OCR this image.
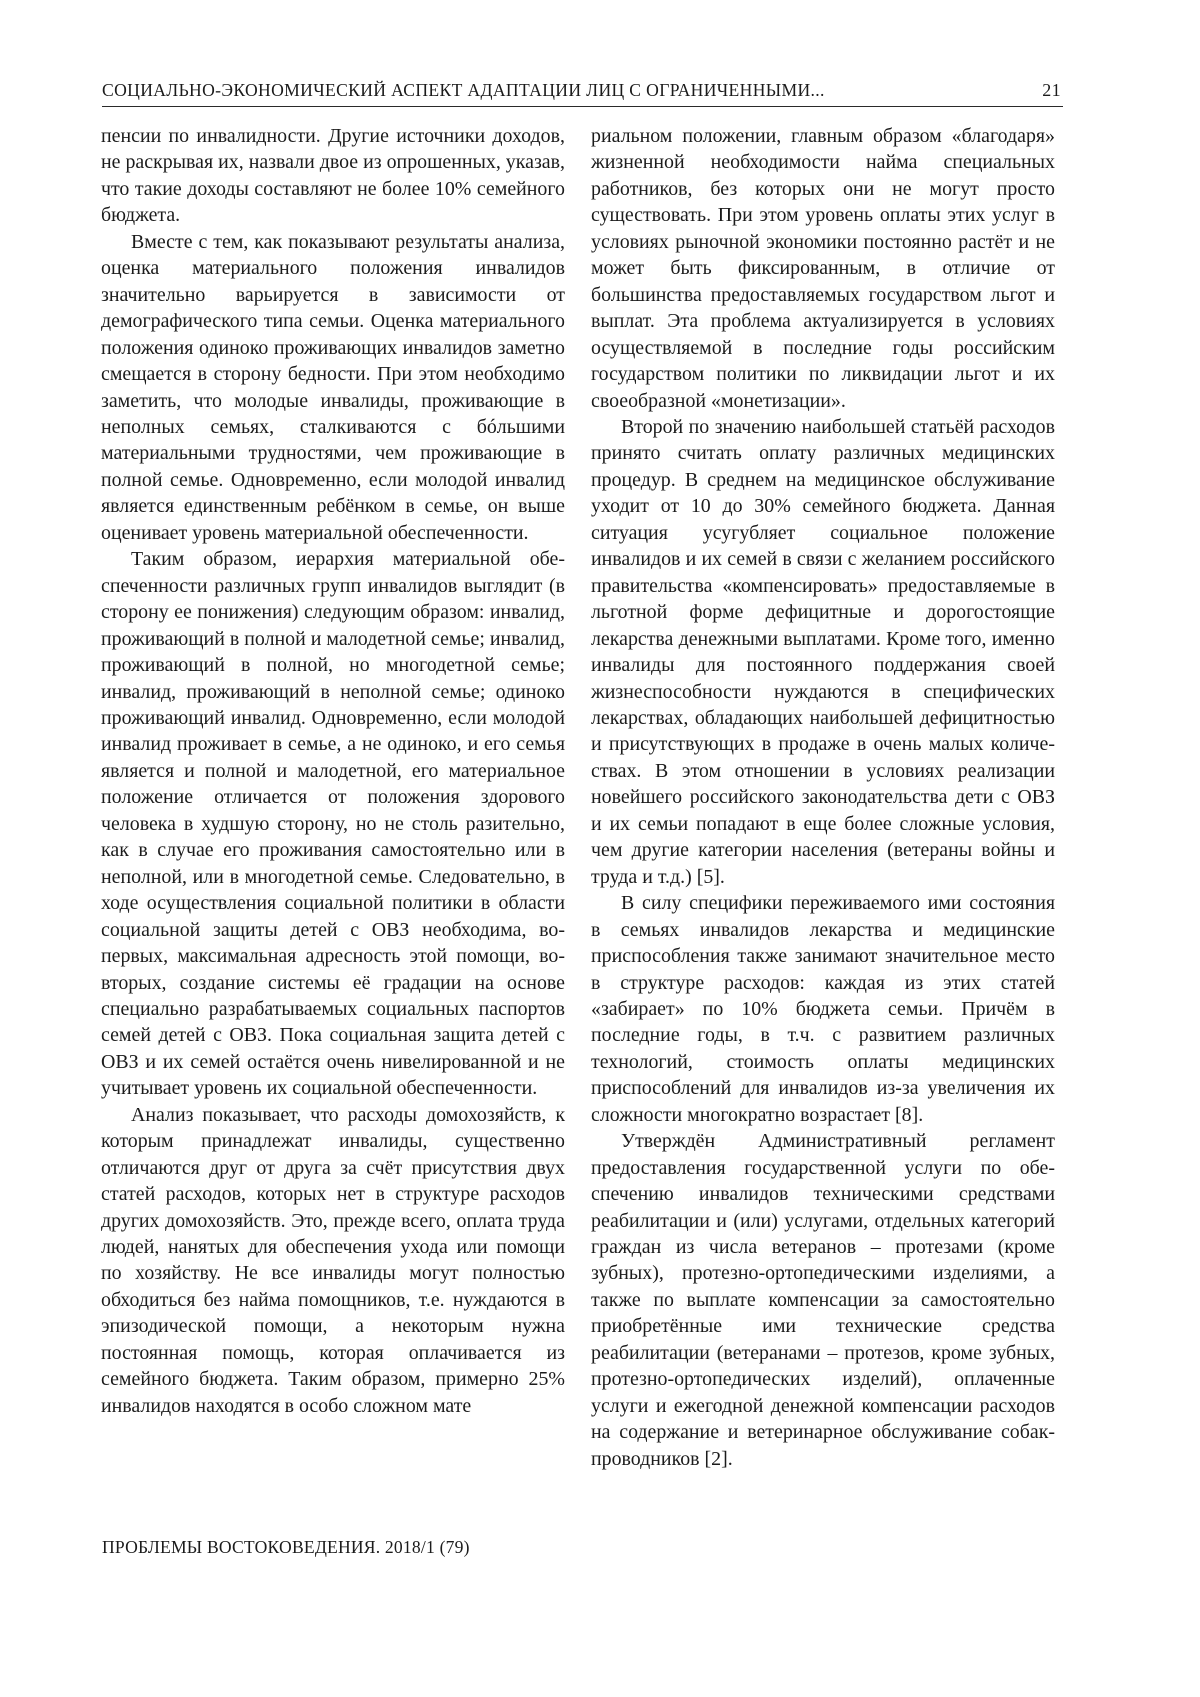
СОЦИАЛЬНО-ЭКОНОМИЧЕСКИЙ АСПЕКТ АДАПТАЦИИ ЛИЦ С ОГРАНИЧЕННЫМИ...	21

пенсии по инвалидности. Другие источники доходов, не раскрывая их, назвали двое из опрошенных, указав, что такие доходы составляют не более 10% семейного бюджета.

Вместе с тем, как показывают результаты анализа, оценка материального положения инвалидов значительно варьируется в зависимости от демографического типа семьи. Оценка материального положения одиноко проживающих инвалидов заметно смещается в сторону бедности. При этом необходимо заметить, что молодые инвалиды, проживающие в неполных семьях, сталкиваются с бóльшими материальными трудностями, чем проживающие в полной семье. Одновременно, если молодой инвалид является единственным ребёнком в семье, он выше оценивает уровень материальной обеспеченности.

Таким образом, иерархия материальной обеспеченности различных групп инвалидов выглядит (в сторону ее понижения) следующим образом: инвалид, проживающий в полной и малодетной семье; инвалид, проживающий в полной, но многодетной семье; инвалид, проживающий в неполной семье; одиноко проживающий инвалид. Одновременно, если молодой инвалид проживает в семье, а не одиноко, и его семья является и полной и малодетной, его материальное положение отличается от положения здорового человека в худшую сторону, но не столь разительно, как в случае его проживания самостоятельно или в неполной, или в многодетной семье. Следовательно, в ходе осуществления социальной политики в области социальной защиты детей с ОВЗ необходима, во-первых, максимальная адресность этой помощи, во-вторых, создание системы её градации на основе специально разрабатываемых социальных паспортов семей детей с ОВЗ. Пока социальная защита детей с ОВЗ и их семей остаётся очень нивелированной и не учитывает уровень их социальной обеспеченности.

Анализ показывает, что расходы домохозяйств, к которым принадлежат инвалиды, существенно отличаются друг от друга за счёт присутствия двух статей расходов, которых нет в структуре расходов других домохозяйств. Это, прежде всего, оплата труда людей, нанятых для обеспечения ухода или помощи по хозяйству. Не все инвалиды могут полностью обходиться без найма помощников, т.е. нуждаются в эпизодической помощи, а некоторым нужна постоянная помощь, которая оплачивается из семейного бюджета. Таким образом, примерно 25% инвалидов находятся в особо сложном мате

риальном положении, главным образом «благодаря» жизненной необходимости найма специальных работников, без которых они не могут просто существовать. При этом уровень оплаты этих услуг в условиях рыночной экономики постоянно растёт и не может быть фиксированным, в отличие от большинства предоставляемых государством льгот и выплат. Эта проблема актуализируется в условиях осуществляемой в последние годы российским государством политики по ликвидации льгот и их своеобразной «монетизации».

Второй по значению наибольшей статьёй расходов принято считать оплату различных медицинских процедур. В среднем на медицинское обслуживание уходит от 10 до 30% семейного бюджета. Данная ситуация усугубляет социальное положение инвалидов и их семей в связи с желанием российского правительства «компенсировать» предоставляемые в льготной форме дефицитные и дорогостоящие лекарства денежными выплатами. Кроме того, именно инвалиды для постоянного поддержания своей жизнеспособности нуждаются в специфических лекарствах, обладающих наибольшей дефицитностью и присутствующих в продаже в очень малых количествах. В этом отношении в условиях реализации новейшего российского законодательства дети с ОВЗ и их семьи попадают в еще более сложные условия, чем другие категории населения (ветераны войны и труда и т.д.) [5].

В силу специфики переживаемого ими состояния в семьях инвалидов лекарства и медицинские приспособления также занимают значительное место в структуре расходов: каждая из этих статей «забирает» по 10% бюджета семьи. Причём в последние годы, в т.ч. с развитием различных технологий, стоимость оплаты медицинских приспособлений для инвалидов из-за увеличения их сложности многократно возрастает [8].

Утверждён Административный регламент предоставления государственной услуги по обеспечению инвалидов техническими средствами реабилитации и (или) услугами, отдельных категорий граждан из числа ветеранов – протезами (кроме зубных), протезно-ортопедическими изделиями, а также по выплате компенсации за самостоятельно приобретённые ими технические средства реабилитации (ветеранами – протезов, кроме зубных, протезно-ортопедических изделий), оплаченные услуги и ежегодной денежной компенсации расходов на содержание и ветеринарное обслуживание собак-проводников [2].

ПРОБЛЕМЫ ВОСТОКОВЕДЕНИЯ. 2018/1 (79)
